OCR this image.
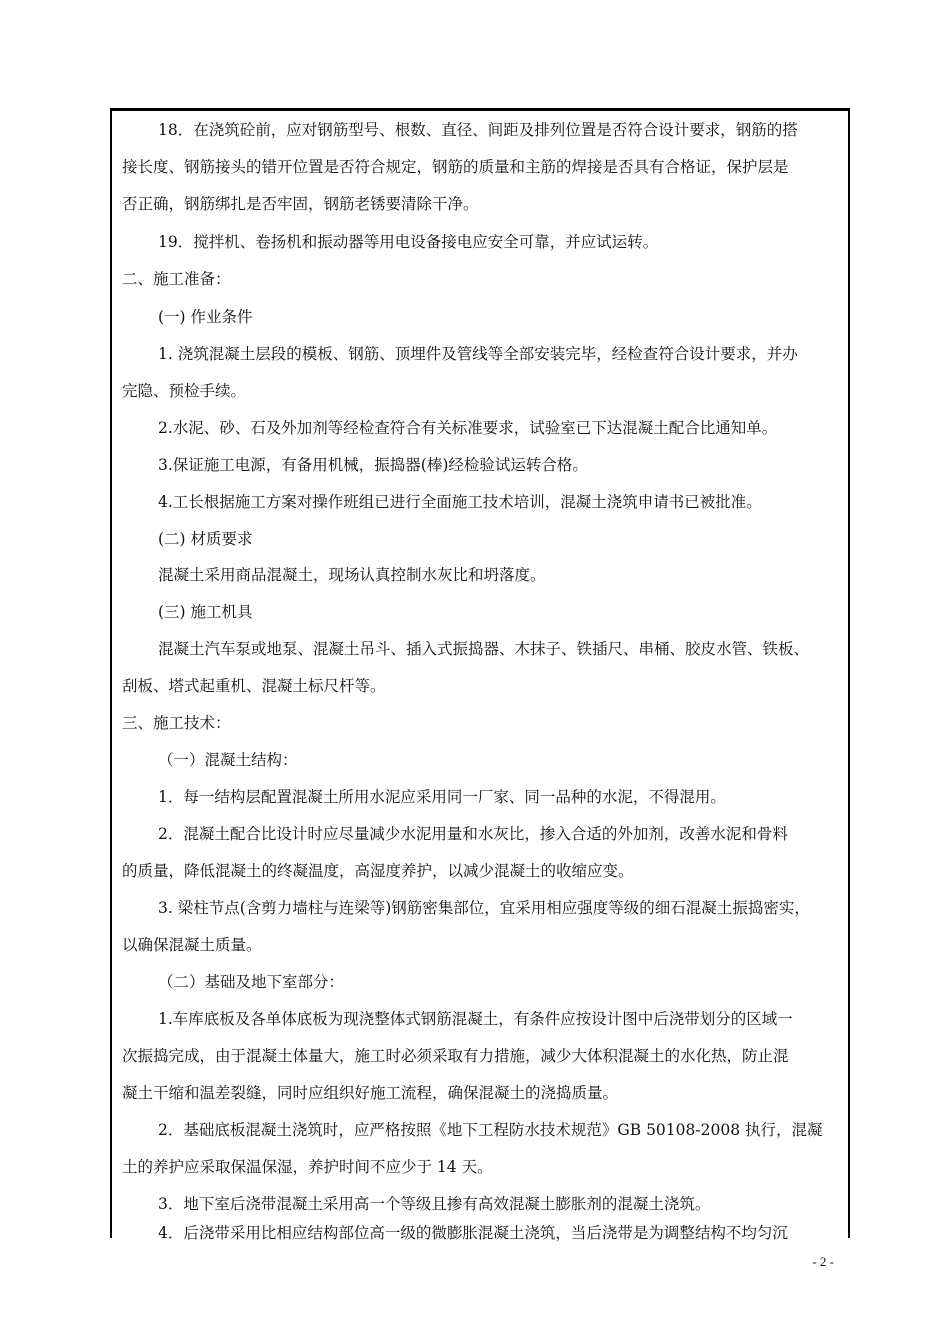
18．在浇筑砼前，应对钢筋型号、根数、直径、间距及排列位置是否符合设计要求，钢筋的搭
接长度、钢筋接头的错开位置是否符合规定，钢筋的质量和主筋的焊接是否具有合格证，保护层是
否正确，钢筋绑扎是否牢固，钢筋老锈要清除干净。
19．搅拌机、卷扬机和振动器等用电设备接电应安全可靠，并应试运转。
二、施工准备：
(一) 作业条件
1. 浇筑混凝土层段的模板、钢筋、顶埋件及管线等全部安装完毕，经检查符合设计要求，并办
完隐、预检手续。
2.水泥、砂、石及外加剂等经检查符合有关标准要求，试验室已下达混凝土配合比通知单。
3.保证施工电源，有备用机械，振捣器(棒)经检验试运转合格。
4.工长根据施工方案对操作班组已进行全面施工技术培训，混凝土浇筑申请书已被批准。
(二) 材质要求
混凝土采用商品混凝土，现场认真控制水灰比和坍落度。
(三) 施工机具
混凝土汽车泵或地泵、混凝土吊斗、插入式振捣器、木抹子、铁插尺、串桶、胶皮水管、铁板、
刮板、塔式起重机、混凝土标尺杆等。
三、施工技术：
（一）混凝土结构：
1．每一结构层配置混凝土所用水泥应采用同一厂家、同一品种的水泥，不得混用。
2．混凝土配合比设计时应尽量减少水泥用量和水灰比，掺入合适的外加剂，改善水泥和骨料
的质量，降低混凝土的终凝温度，高湿度养护，以减少混凝土的收缩应变。
3. 梁柱节点(含剪力墙柱与连梁等)钢筋密集部位，宜采用相应强度等级的细石混凝土振捣密实，
以确保混凝土质量。
（二）基础及地下室部分：
1.车库底板及各单体底板为现浇整体式钢筋混凝土，有条件应按设计图中后浇带划分的区域一
次振捣完成，由于混凝土体量大，施工时必须采取有力措施，减少大体积混凝土的水化热，防止混
凝土干缩和温差裂缝，同时应组织好施工流程，确保混凝土的浇捣质量。
2．基础底板混凝土浇筑时，应严格按照《地下工程防水技术规范》GB 50108-2008 执行，混凝
土的养护应采取保温保湿，养护时间不应少于 14 天。
3．地下室后浇带混凝土采用高一个等级且掺有高效混凝土膨胀剂的混凝土浇筑。
4．后浇带采用比相应结构部位高一级的微膨胀混凝土浇筑，当后浇带是为调整结构不均匀沉
- 2 -
